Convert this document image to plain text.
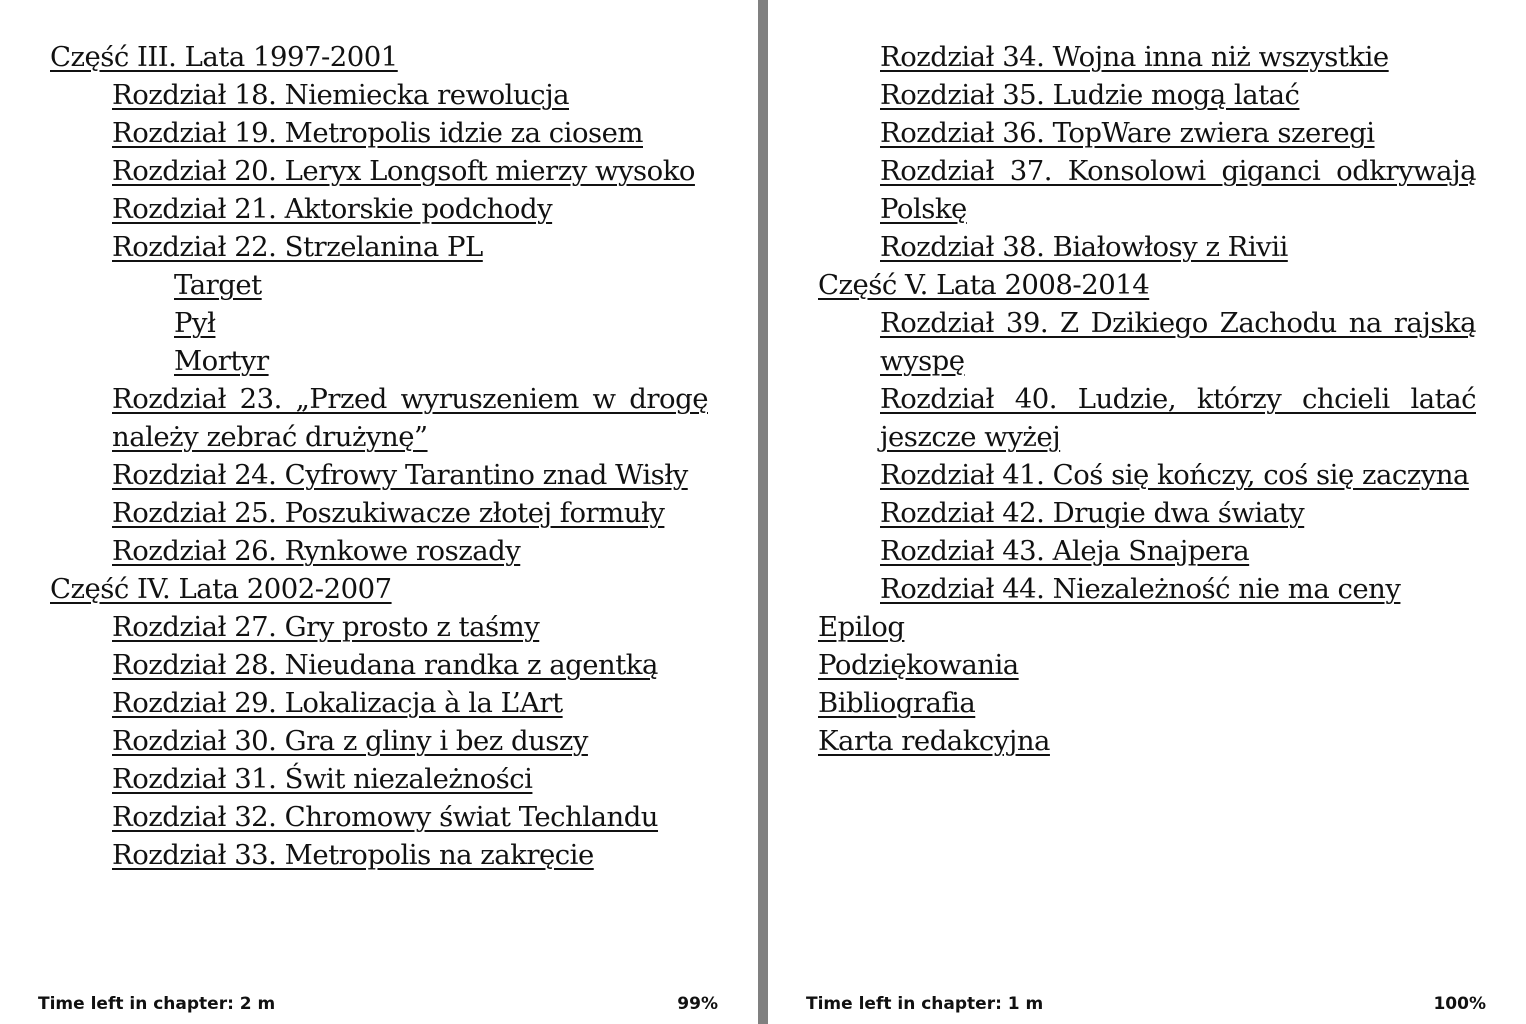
Część III. Lata 1997-2001
Rozdział 18. Niemiecka rewolucja
Rozdział 19. Metropolis idzie za ciosem
Rozdział 20. Leryx Longsoft mierzy wysoko
Rozdział 21. Aktorskie podchody
Rozdział 22. Strzelanina PL
Target
Pył
Mortyr
Rozdział 23. „Przed wyruszeniem w drogę należy zebrać drużynę”
Rozdział 24. Cyfrowy Tarantino znad Wisły
Rozdział 25. Poszukiwacze złotej formuły
Rozdział 26. Rynkowe roszady
Część IV. Lata 2002-2007
Rozdział 27. Gry prosto z taśmy
Rozdział 28. Nieudana randka z agentką
Rozdział 29. Lokalizacja à la L’Art
Rozdział 30. Gra z gliny i bez duszy
Rozdział 31. Świt niezależności
Rozdział 32. Chromowy świat Techlandu
Rozdział 33. Metropolis na zakręcie
Time left in chapter: 2 m	99%
Rozdział 34. Wojna inna niż wszystkie
Rozdział 35. Ludzie mogą latać
Rozdział 36. TopWare zwiera szeregi
Rozdział 37. Konsolowi giganci odkrywają Polskę
Rozdział 38. Białowłosy z Rivii
Część V. Lata 2008-2014
Rozdział 39. Z Dzikiego Zachodu na rajską wyspę
Rozdział 40. Ludzie, którzy chcieli latać jeszcze wyżej
Rozdział 41. Coś się kończy, coś się zaczyna
Rozdział 42. Drugie dwa światy
Rozdział 43. Aleja Snajpera
Rozdział 44. Niezależność nie ma ceny
Epilog
Podziękowania
Bibliografia
Karta redakcyjna
Time left in chapter: 1 m	100%
